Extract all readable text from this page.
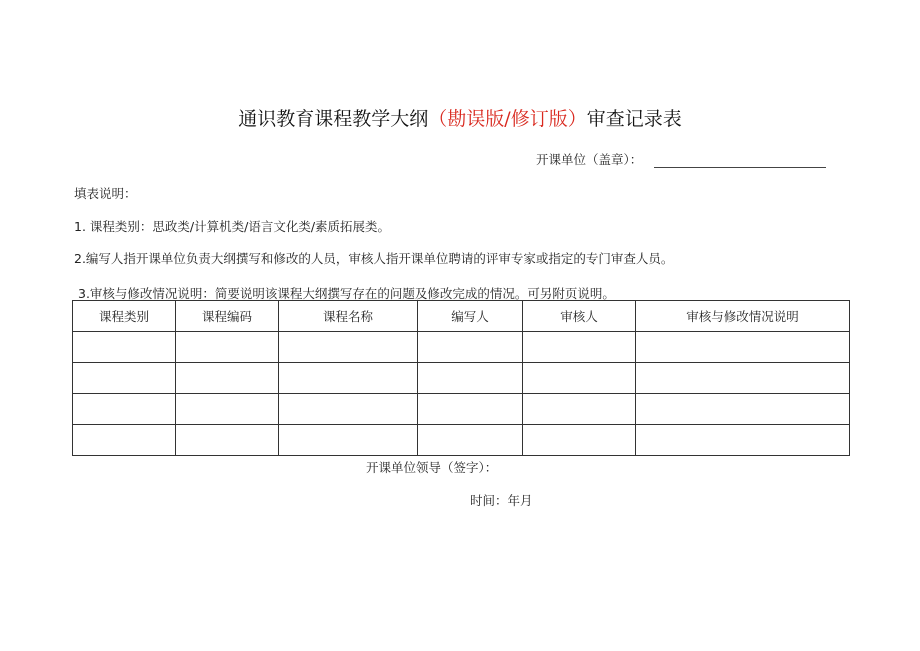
通识教育课程教学大纲（勘误版/修订版）审查记录表
开课单位（盖章）：
填表说明：
1. 课程类别：思政类/计算机类/语言文化类/素质拓展类。
2.编写人指开课单位负责大纲撰写和修改的人员，审核人指开课单位聘请的评审专家或指定的专门审查人员。
3.审核与修改情况说明：简要说明该课程大纲撰写存在的问题及修改完成的情况。可另附页说明。
课程类别	课程编码	课程名称	编写人	审核人	审核与修改情况说明

开课单位领导（签字）：
时间：年月
